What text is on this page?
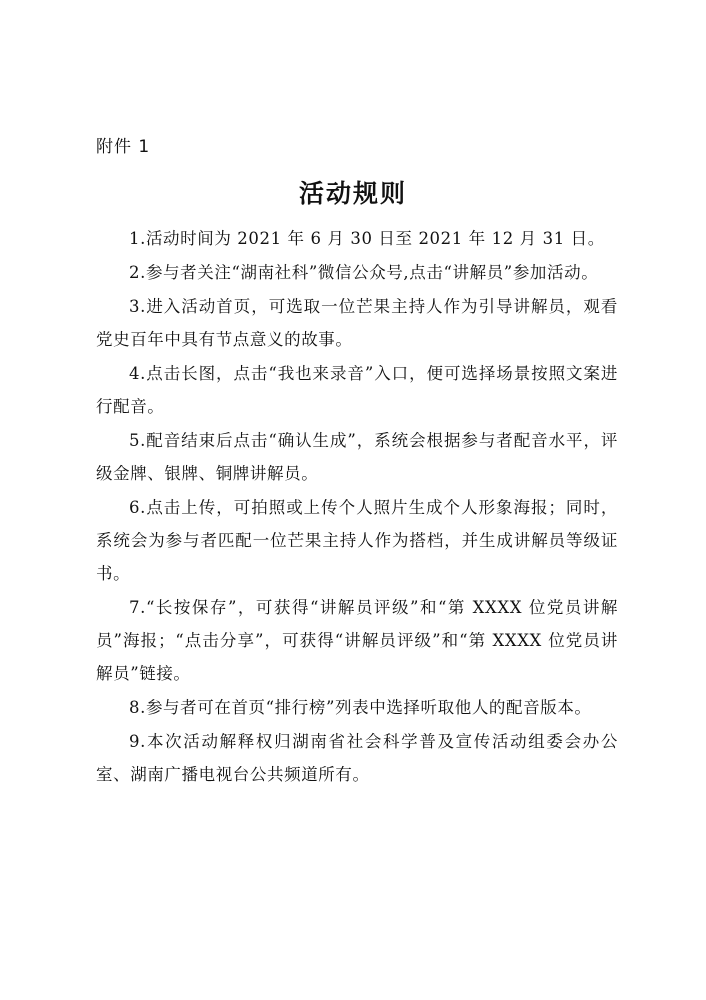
附件 1
活动规则
1.活动时间为 2021 年 6 月 30 日至 2021 年 12 月 31 日。
2.参与者关注“湖南社科”微信公众号,点击“讲解员”参加活动。
3.进入活动首页，可选取一位芒果主持人作为引导讲解员，观看党史百年中具有节点意义的故事。
4.点击长图，点击“我也来录音”入口，便可选择场景按照文案进行配音。
5.配音结束后点击“确认生成”，系统会根据参与者配音水平，评级金牌、银牌、铜牌讲解员。
6.点击上传，可拍照或上传个人照片生成个人形象海报；同时，系统会为参与者匹配一位芒果主持人作为搭档，并生成讲解员等级证书。
7.“长按保存”，可获得“讲解员评级”和“第 XXXX 位党员讲解员”海报；“点击分享”，可获得“讲解员评级”和“第 XXXX 位党员讲解员”链接。
8.参与者可在首页“排行榜”列表中选择听取他人的配音版本。
9.本次活动解释权归湖南省社会科学普及宣传活动组委会办公室、湖南广播电视台公共频道所有。
